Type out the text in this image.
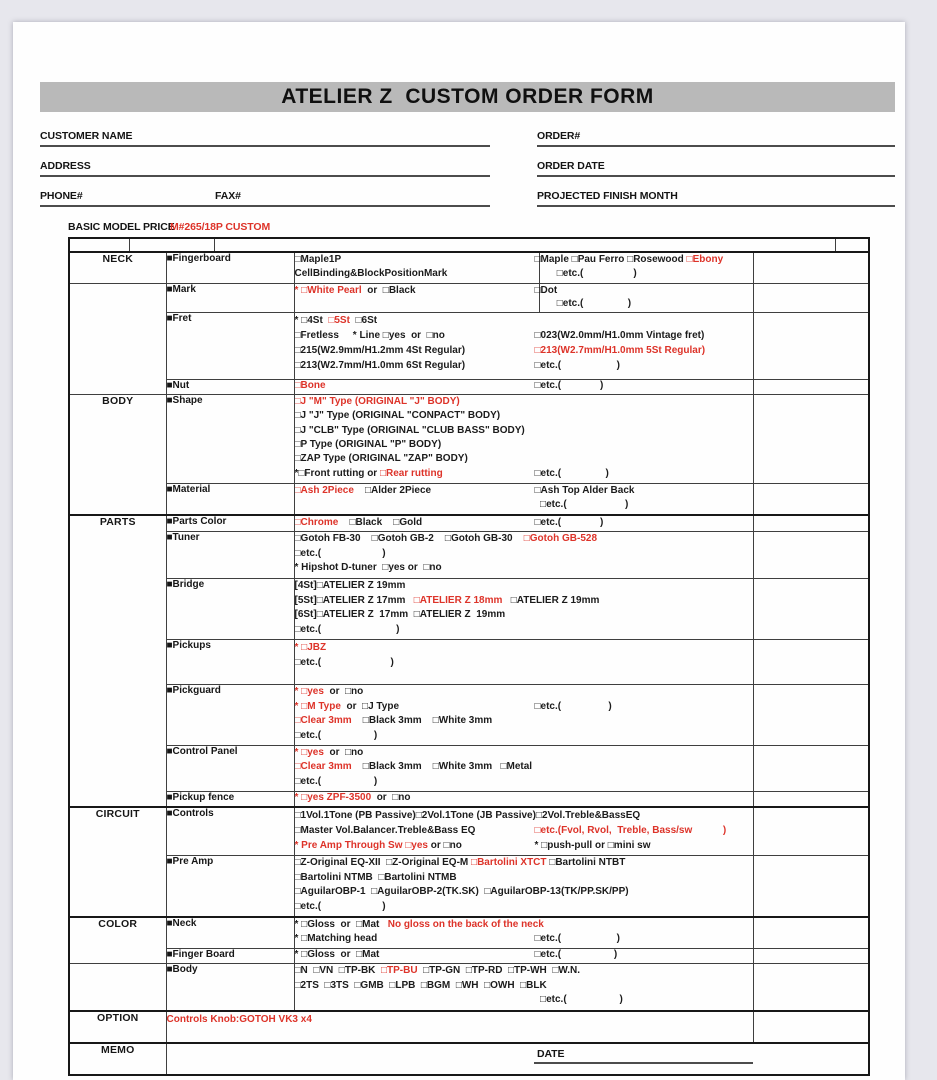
ATELIER Z  CUSTOM ORDER FORM
CUSTOMER NAME	ORDER#
ADDRESS	ORDER DATE
PHONE#	FAX#	PROJECTED FINISH MONTH
BASIC MODEL PRICE
M#265/18P CUSTOM

NECK	■Fingerboard	□Maple1P □Maple □Pau Ferro □Rosewood □Ebony
CellBinding&BlockPositionMark □etc.(                  )	

	■Mark	* □White Pearl  or  □Black □Dot
□etc.(                )	

■Fret	* □4St  □5St  □6St
□Fretless     * Line □yes  or  □no	□023(W2.0mm/H1.0mm Vintage fret)
□215(W2.9mm/H1.2mm 4St Regular)	□213(W2.7mm/H1.0mm 5St Regular)
□213(W2.7mm/H1.0mm 6St Regular)	□etc.(                    )

	■Nut	□Bone □etc.(              )	

BODY	■Shape	□J "M" Type (ORIGINAL "J" BODY)
□J "J" Type (ORIGINAL "CONPACT" BODY)
□J "CLB" Type (ORIGINAL "CLUB BASS" BODY)
□P Type (ORIGINAL "P" BODY)
□ZAP Type (ORIGINAL "ZAP" BODY)
*□Front rutting or □Rear rutting	□etc.(                )

	■Material	□Ash 2Piece    □Alder 2Piece □Ash Top Alder Back
□etc.(                     )	

PARTS	■Parts Color	□Chrome    □Black    □Gold □etc.(              )	

	■Tuner	□Gotoh FB-30    □Gotoh GB-2    □Gotoh GB-30    □Gotoh GB-528
□etc.(                      )
* Hipshot D-tuner  □yes or  □no	

	■Bridge	[4St]□ATELIER Z 19mm
[5St]□ATELIER Z 17mm   □ATELIER Z 18mm   □ATELIER Z 19mm
[6St]□ATELIER Z  17mm  □ATELIER Z  19mm
□etc.(                           )	

	■Pickups	* □JBZ
□etc.(                         )	

	■Pickguard	* □yes  or  □no
* □M Type  or  □J Type □etc.(                 )
□Clear 3mm    □Black 3mm    □White 3mm
□etc.(                   )	

	■Control Panel	* □yes  or  □no
□Clear 3mm    □Black 3mm    □White 3mm   □Metal
□etc.(                   )	

	■Pickup fence	* □yes ZPF-3500  or  □no	

CIRCUIT	■Controls	□1Vol.1Tone (PB Passive)□2Vol.1Tone (JB Passive)□2Vol.Treble&BassEQ
□Master Vol.Balancer.Treble&Bass EQ □etc.(Fvol, Rvol,  Treble, Bass/sw           )
* Pre Amp Through Sw □yes or □no * □push-pull or □mini sw	

	■Pre Amp	□Z-Original EQ-XII  □Z-Original EQ-M □Bartolini XTCT □Bartolini NTBT
□Bartolini NTMB  □Bartolini NTMB
□AguilarOBP-1  □AguilarOBP-2(TK.SK)  □AguilarOBP-13(TK/PP.SK/PP)
□etc.(                      )	

COLOR	■Neck	* □Gloss  or  □Mat   No gloss on the back of the neck
* □Matching head □etc.(                    )	

	■Finger Board	* □Gloss  or  □Mat □etc.(                   )	

	■Body	□N  □VN  □TP-BK  □TP-BU  □TP-GN  □TP-RD  □TP-WH  □W.N.
□2TS  □3TS  □GMB  □LPB  □BGM  □WH  □OWH  □BLK
□etc.(                   )	

OPTION	Controls Knob:GOTOH VK3 x4		

MEMO				DATE
